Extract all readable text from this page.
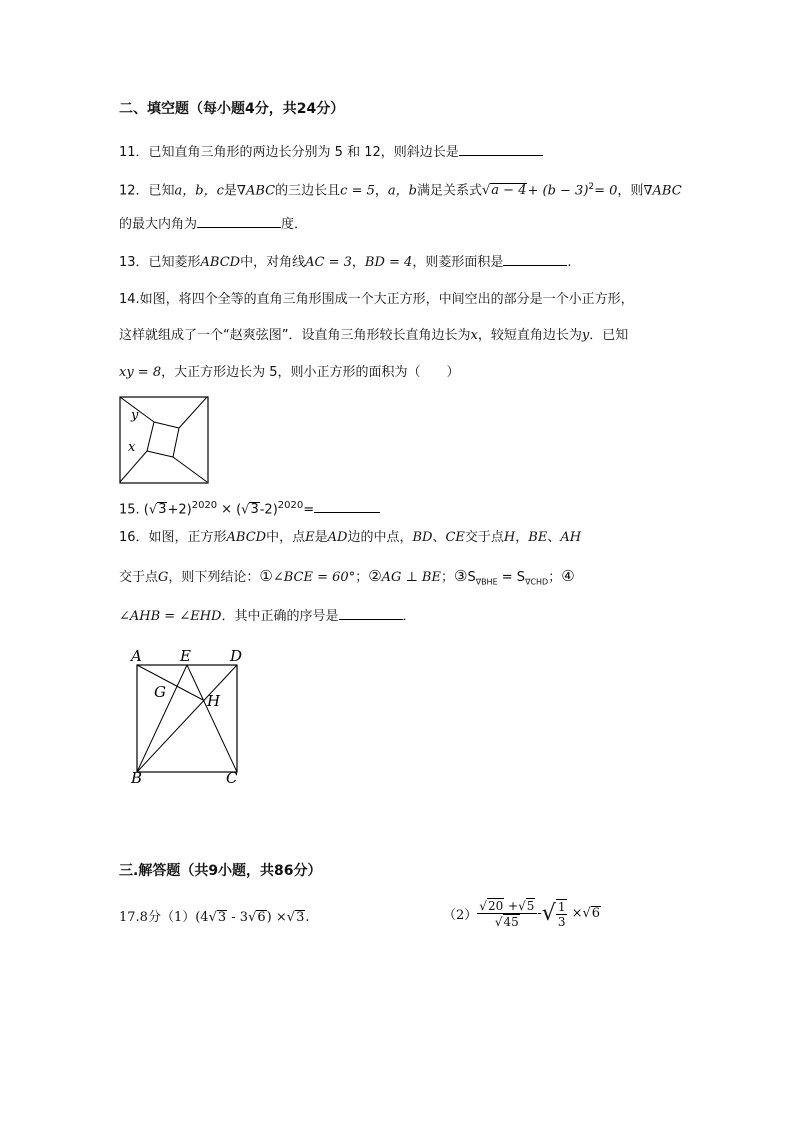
二、填空题（每小题4分，共24分）
11．已知直角三角形的两边长分别为 5 和 12，则斜边长是
12．已知a，b，c是∇ABC的三边长且c = 5，a，b满足关系式$√a - 4+ (b - 3)^2= 0$，则∇ABC
的最大内角为	度．
13．已知菱形ABCD中，对角线AC = 3，BD = 4，则菱形面积是	.
14.如图，将四个全等的直角三角形围成一个大正方形，中间空出的部分是一个小正方形，
这样就组成了一个“赵爽弦图”．设直角三角形较长直角边长为x，较短直角边长为y．已知
xy = 8，大正方形边长为 5，则小正方形的面积为（　　）
y
x
15. $(√3+2)^{2020} \times (√3-2)^{2020}=$
16．如图，正方形ABCD中，点E是AD边的中点，BD、CE交于点H，BE、AH
交于点G，则下列结论：①∠BCE = 60°；②AG ⊥ BE；$③S_{\nabla BHE} = S_{\nabla CHD}$；④
∠AHB = ∠EHD．其中正确的序号是	．
A	E	D
G	H
B	C
三.解答题（共9小题，共86分）
17.8分（1）(4√3 - 3√6) ×√3.	$(2) \frac{√20 +√5}{√45}$ -√ $\frac{1}{3} \times√6$
